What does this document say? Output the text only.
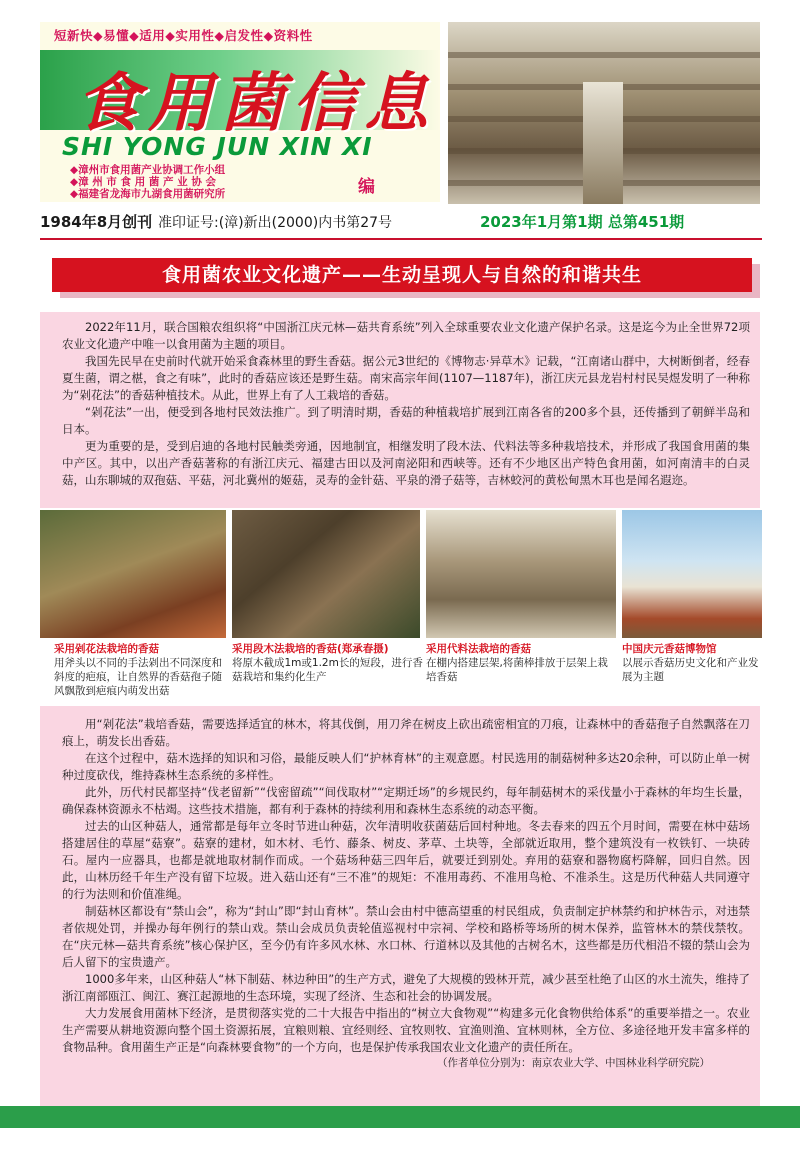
短新快◆易懂◆适用◆实用性◆启发性◆资料性
食用菌信息
SHI YONG JUN XIN XI
◆漳州市食用菌产业协调工作小组
◆漳 州 市 食 用 菌 产 业 协 会
◆福建省龙海市九湖食用菌研究所	编
1984年8月创刊 准印证号:(漳)新出(2000)内书第27号	2023年1月第1期 总第451期
食用菌农业文化遗产——生动呈现人与自然的和谐共生

2022年11月，联合国粮农组织将“中国浙江庆元林—菇共育系统”列入全球重要农业文化遗产保护名录。这是迄今为止全世界72项农业文化遗产中唯一以食用菌为主题的项目。

我国先民早在史前时代就开始采食森林里的野生香菇。据公元3世纪的《博物志·异草木》记载，“江南诸山群中，大树断倒者，经春夏生菌，谓之椹，食之有味”，此时的香菇应该还是野生菇。南宋高宗年间(1107—1187年)，浙江庆元县龙岩村村民吴煜发明了一种称为“剁花法”的香菇种植技术。从此，世界上有了人工栽培的香菇。

“剁花法”一出，便受到各地村民效法推广。到了明清时期，香菇的种植栽培扩展到江南各省的200多个县，还传播到了朝鲜半岛和日本。

更为重要的是，受到启迪的各地村民触类旁通，因地制宜，相继发明了段木法、代料法等多种栽培技术，并形成了我国食用菌的集中产区。其中，以出产香菇著称的有浙江庆元、福建古田以及河南泌阳和西峡等。还有不少地区出产特色食用菌，如河南清丰的白灵菇，山东聊城的双孢菇、平菇，河北冀州的姬菇，灵寿的金针菇、平泉的滑子菇等，吉林蛟河的黄松甸黑木耳也是闻名遐迩。

采用剁花法栽培的香菇
用斧头以不同的手法剁出不同深度和斜度的疤痕，让自然界的香菇孢子随风飘散到疤痕内萌发出菇
采用段木法栽培的香菇(郑承春摄)
将原木截成1m或1.2m长的短段，进行香菇栽培和集约化生产
采用代料法栽培的香菇
在棚内搭建层架,将菌棒排放于层架上栽培香菇
中国庆元香菇博物馆
以展示香菇历史文化和产业发展为主题

用“剁花法”栽培香菇，需要选择适宜的林木，将其伐倒，用刀斧在树皮上砍出疏密相宜的刀痕，让森林中的香菇孢子自然飘落在刀痕上，萌发长出香菇。

在这个过程中，菇木选择的知识和习俗，最能反映人们“护林育林”的主观意愿。村民选用的制菇树种多达20余种，可以防止单一树种过度砍伐，维持森林生态系统的多样性。

此外，历代村民都坚持“伐老留新”“伐密留疏”“间伐取材”“定期迁场”的乡规民约，每年制菇树木的采伐量小于森林的年均生长量，确保森林资源永不枯竭。这些技术措施，都有利于森林的持续利用和森林生态系统的动态平衡。

过去的山区种菇人，通常都是每年立冬时节进山种菇，次年清明收获菌菇后回村种地。冬去春来的四五个月时间，需要在林中菇场搭建居住的草屋“菇寮”。菇寮的建材，如木材、毛竹、藤条、树皮、茅草、土块等，全部就近取用，整个建筑没有一枚铁钉、一块砖石。屋内一应器具，也都是就地取材制作而成。一个菇场种菇三四年后，就要迁到别处。弃用的菇寮和器物腐朽降解，回归自然。因此，山林历经千年生产没有留下垃圾。进入菇山还有“三不准”的规矩：不准用毒药、不准用鸟枪、不准杀生。这是历代种菇人共同遵守的行为法则和价值准绳。

制菇林区都设有“禁山会”，称为“封山”即“封山育林”。禁山会由村中德高望重的村民组成，负责制定护林禁约和护林告示，对违禁者依规处罚，并操办每年例行的禁山戏。禁山会成员负责轮值巡视村中宗祠、学校和路桥等场所的树木保养，监管林木的禁伐禁牧。在“庆元林—菇共育系统”核心保护区，至今仍有许多风水林、水口林、行道林以及其他的古树名木，这些都是历代相沿不辍的禁山会为后人留下的宝贵遗产。

1000多年来，山区种菇人“林下制菇、林边种田”的生产方式，避免了大规模的毁林开荒，减少甚至杜绝了山区的水土流失，维持了浙江南部瓯江、闽江、赛江起源地的生态环境，实现了经济、生态和社会的协调发展。

大力发展食用菌林下经济，是贯彻落实党的二十大报告中指出的“树立大食物观”“构建多元化食物供给体系”的重要举措之一。农业生产需要从耕地资源向整个国土资源拓展，宜粮则粮、宜经则经、宜牧则牧、宜渔则渔、宜林则林，全方位、多途径地开发丰富多样的食物品种。食用菌生产正是“向森林要食物”的一个方向，也是保护传承我国农业文化遗产的责任所在。

（作者单位分别为：南京农业大学、中国林业科学研究院）
